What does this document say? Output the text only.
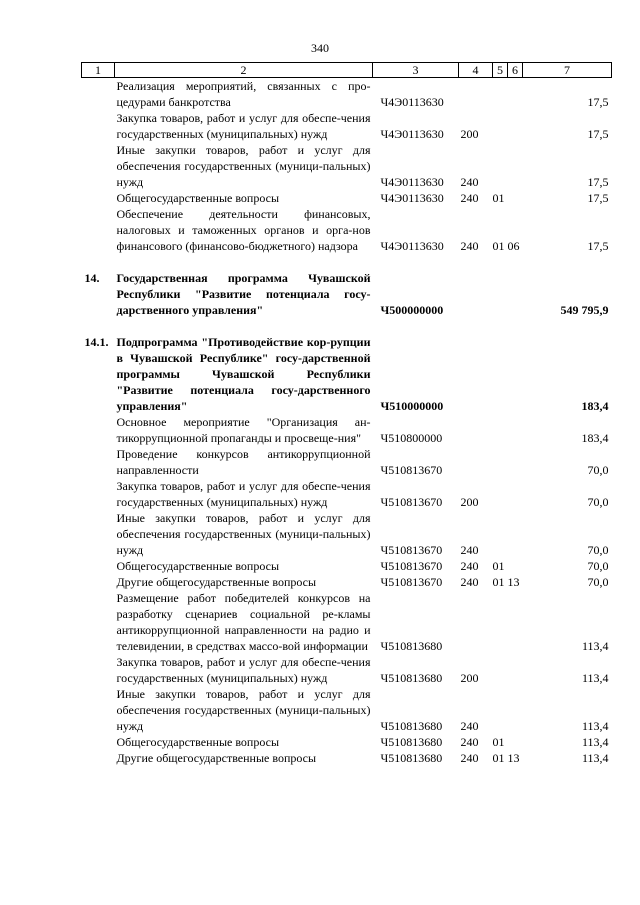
340
1	2	3	4	5	6	7
	Реализация мероприятий, связанных с про-цедурами банкротства	Ч4Э0113630				17,5
	Закупка товаров, работ и услуг для обеспе-чения государственных (муниципальных) нужд	Ч4Э0113630	200			17,5
	Иные закупки товаров, работ и услуг для обеспечения государственных (муници-пальных) нужд	Ч4Э0113630	240			17,5
	Общегосударственные вопросы	Ч4Э0113630	240	01		17,5
	Обеспечение деятельности финансовых, налоговых и таможенных органов и орга-нов финансового (финансово-бюджетного) надзора	Ч4Э0113630	240	01	06	17,5
14.	Государственная программа Чувашской Республики "Развитие потенциала госу-дарственного управления"	Ч500000000				549 795,9
14.1.	Подпрограмма "Противодействие кор-рупции в Чувашской Республике" госу-дарственной программы Чувашской Республики "Развитие потенциала госу-дарственного управления"	Ч510000000				183,4
	Основное мероприятие "Организация ан-тикоррупционной пропаганды и просвеще-ния"	Ч510800000				183,4
	Проведение конкурсов антикоррупционной направленности	Ч510813670				70,0
	Закупка товаров, работ и услуг для обеспе-чения государственных (муниципальных) нужд	Ч510813670	200			70,0
	Иные закупки товаров, работ и услуг для обеспечения государственных (муници-пальных) нужд	Ч510813670	240			70,0
	Общегосударственные вопросы	Ч510813670	240	01		70,0
	Другие общегосударственные вопросы	Ч510813670	240	01	13	70,0
	Размещение работ победителей конкурсов на разработку сценариев социальной ре-кламы антикоррупционной направленности на радио и телевидении, в средствах массо-вой информации	Ч510813680				113,4
	Закупка товаров, работ и услуг для обеспе-чения государственных (муниципальных) нужд	Ч510813680	200			113,4
	Иные закупки товаров, работ и услуг для обеспечения государственных (муници-пальных) нужд	Ч510813680	240			113,4
	Общегосударственные вопросы	Ч510813680	240	01		113,4
	Другие общегосударственные вопросы	Ч510813680	240	01	13	113,4
